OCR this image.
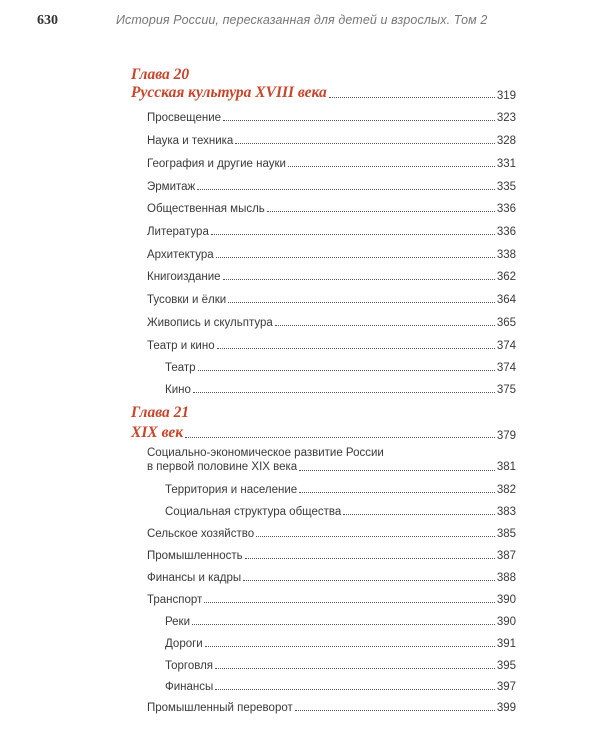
630	История России, пересказанная для детей и взрослых. Том 2
Глава 20
Русская культура XVIII века	319
Просвещение	323
Наука и техника	328
География и другие науки	331
Эрмитаж	335
Общественная мысль	336
Литература	336
Архитектура	338
Книгоиздание	362
Тусовки и ёлки	364
Живопись и скульптура	365
Театр и кино	374
Театр	374
Кино	375
Глава 21
XIX век	379
Социально-экономическое развитие России
в первой половине XIX века	381
Территория и население	382
Социальная структура общества	383
Сельское хозяйство	385
Промышленность	387
Финансы и кадры	388
Транспорт	390
Реки	390
Дороги	391
Торговля	395
Финансы	397
Промышленный переворот	399
